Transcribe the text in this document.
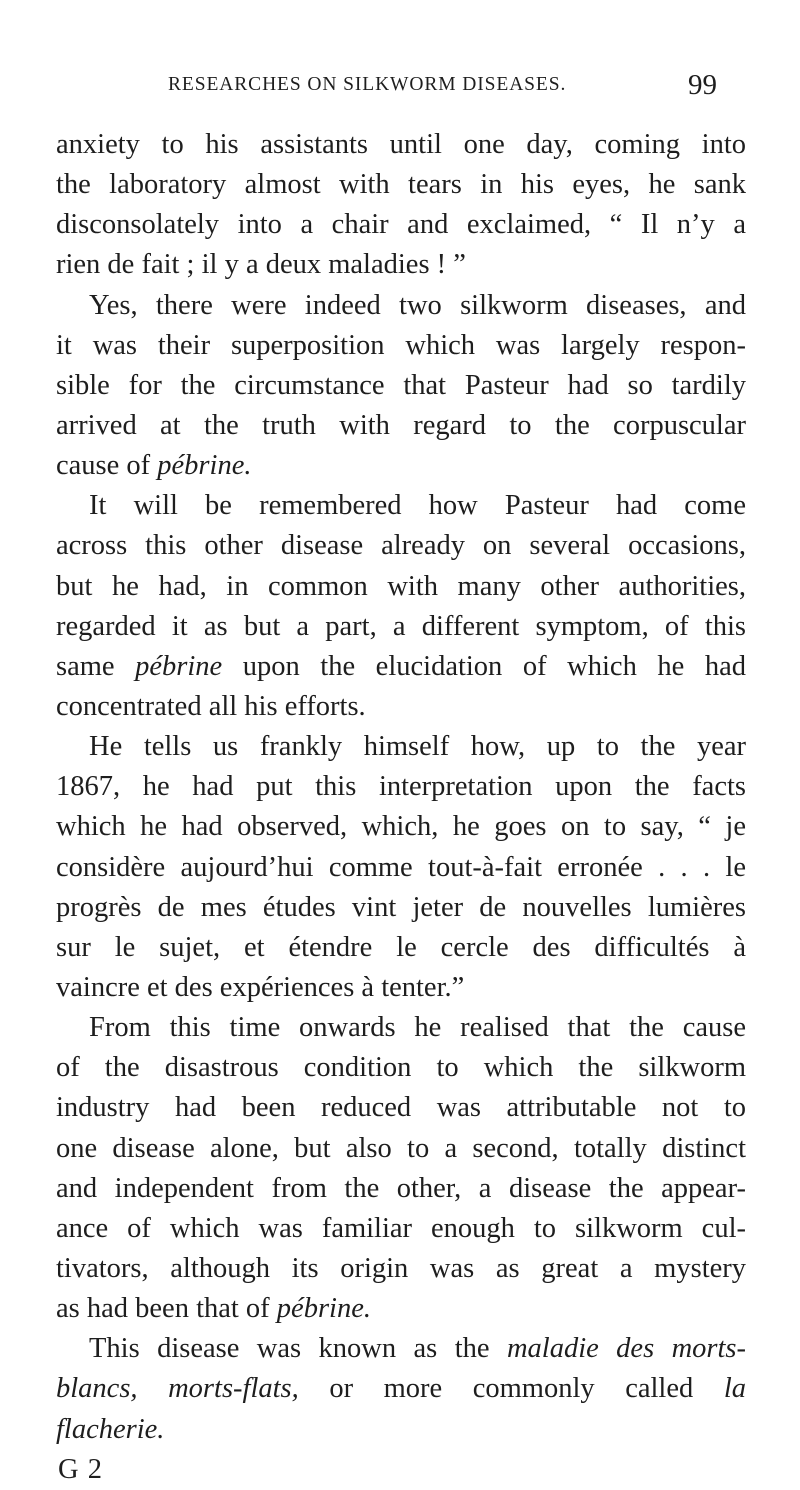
RESEARCHES ON SILKWORM DISEASES.	99
anxiety to his assistants until one day, coming into
the laboratory almost with tears in his eyes, he sank
disconsolately into a chair and exclaimed, “ Il n’y a
rien de fait ; il y a deux maladies ! ”
Yes, there were indeed two silkworm diseases, and
it was their superposition which was largely respon-
sible for the circumstance that Pasteur had so tardily
arrived at the truth with regard to the corpuscular
cause of pébrine.
It will be remembered how Pasteur had come
across this other disease already on several occasions,
but he had, in common with many other authorities,
regarded it as but a part, a different symptom, of this
same pébrine upon the elucidation of which he had
concentrated all his efforts.
He tells us frankly himself how, up to the year
1867, he had put this interpretation upon the facts
which he had observed, which, he goes on to say, “ je
considère aujourd’hui comme tout-à-fait erronée . . . le
progrès de mes études vint jeter de nouvelles lumières
sur le sujet, et étendre le cercle des difficultés à
vaincre et des expériences à tenter.”
From this time onwards he realised that the cause
of the disastrous condition to which the silkworm
industry had been reduced was attributable not to
one disease alone, but also to a second, totally distinct
and independent from the other, a disease the appear-
ance of which was familiar enough to silkworm cul-
tivators, although its origin was as great a mystery
as had been that of pébrine.
This disease was known as the maladie des morts-
blancs, morts-flats, or more commonly called la
flacherie.
G 2
